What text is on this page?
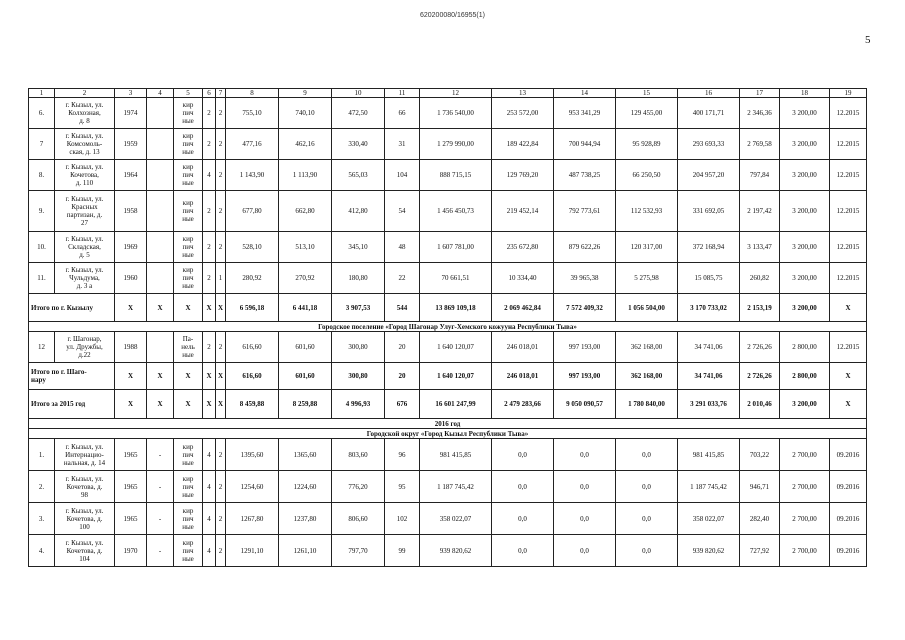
620200080/16955(1)
5
1	2	3	4	5	6	7	8	9	10	11	12	13	14	15	16	17	18	19
6.	г. Кызыл, ул.
Колхозная,
д. 8	1974		кир
пич
ные	2	2	755,10	740,10	472,50	66	1 736 540,00	253 572,00	953 341,29	129 455,00	400 171,71	2 346,36	3 200,00	12.2015
7	г. Кызыл, ул.
Комсомоль-
ская, д. 13	1959		кир
пич
ные	2	2	477,16	462,16	330,40	31	1 279 990,00	189 422,84	700 944,94	95 928,89	293 693,33	2 769,58	3 200,00	12.2015
8.	г. Кызыл, ул.
Кочетова,
д. 110	1964		кир
пич
ные	4	2	1 143,90	1 113,90	565,03	104	888 715,15	129 769,20	487 738,25	66 250,50	204 957,20	797,84	3 200,00	12.2015
9.	г. Кызыл, ул.
Красных
партизан, д.
27	1958		кир
пич
ные	2	2	677,80	662,80	412,80	54	1 456 450,73	219 452,14	792 773,61	112 532,93	331 692,05	2 197,42	3 200,00	12.2015
10.	г. Кызыл, ул.
Складская,
д. 5	1969		кир
пич
ные	2	2	528,10	513,10	345,10	48	1 607 781,00	235 672,80	879 622,26	120 317,00	372 168,94	3 133,47	3 200,00	12.2015
11.	г. Кызыл, ул.
Чульдума,
д. 3 а	1960		кир
пич
ные	2	1	280,92	270,92	180,80	22	70 661,51	10 334,40	39 965,38	5 275,98	15 085,75	260,82	3 200,00	12.2015
Итого по г. Кызылу		X	X	X	X	X	6 596,18	6 441,18	3 907,53	544	13 869 109,18	2 069 462,84	7 572 409,32	1 056 504,00	3 170 733,02	2 153,19	3 200,00	X
Городское поселение «Город Шагонар Улуг-Хемского кожууна Республики Тыва»																		
12	г. Шагонар,
ул. Дружбы,
д.22	1988		Па-
нель
ные	2	2	616,60	601,60	300,80	20	1 640 120,07	246 018,01	997 193,00	362 168,00	34 741,06	2 726,26	2 800,00	12.2015
Итого по г. Шаго-
нару		X	X	X	X	X	616,60	601,60	300,80	20	1 640 120,07	246 018,01	997 193,00	362 168,00	34 741,06	2 726,26	2 800,00	X
Итого за 2015 год		X	X	X	X	X	8 459,88	8 259,88	4 996,93	676	16 601 247,99	2 479 283,66	9 050 090,57	1 780 840,00	3 291 033,76	2 010,46	3 200,00	X
2016 год																		
Городской округ «Город Кызыл Республики Тыва»																		
1.	г. Кызыл, ул.
Интернацио-
нальная, д. 14	1965	-	кир
пич
ные	4	2	1395,60	1365,60	803,60	96	981 415,85	0,0	0,0	0,0	981 415,85	703,22	2 700,00	09.2016
2.	г. Кызыл, ул.
Кочетова, д.
98	1965	-	кир
пич
ные	4	2	1254,60	1224,60	776,20	95	1 187 745,42	0,0	0,0	0,0	1 187 745,42	946,71	2 700,00	09.2016
3.	г. Кызыл, ул.
Кочетова, д.
100	1965	-	кир
пич
ные	4	2	1267,80	1237,80	806,60	102	358 022,07	0,0	0,0	0,0	358 022,07	282,40	2 700,00	09.2016
4.	г. Кызыл, ул.
Кочетова, д.
104	1970	-	кир
пич
ные	4	2	1291,10	1261,10	797,70	99	939 820,62	0,0	0,0	0,0	939 820,62	727,92	2 700,00	09.2016
